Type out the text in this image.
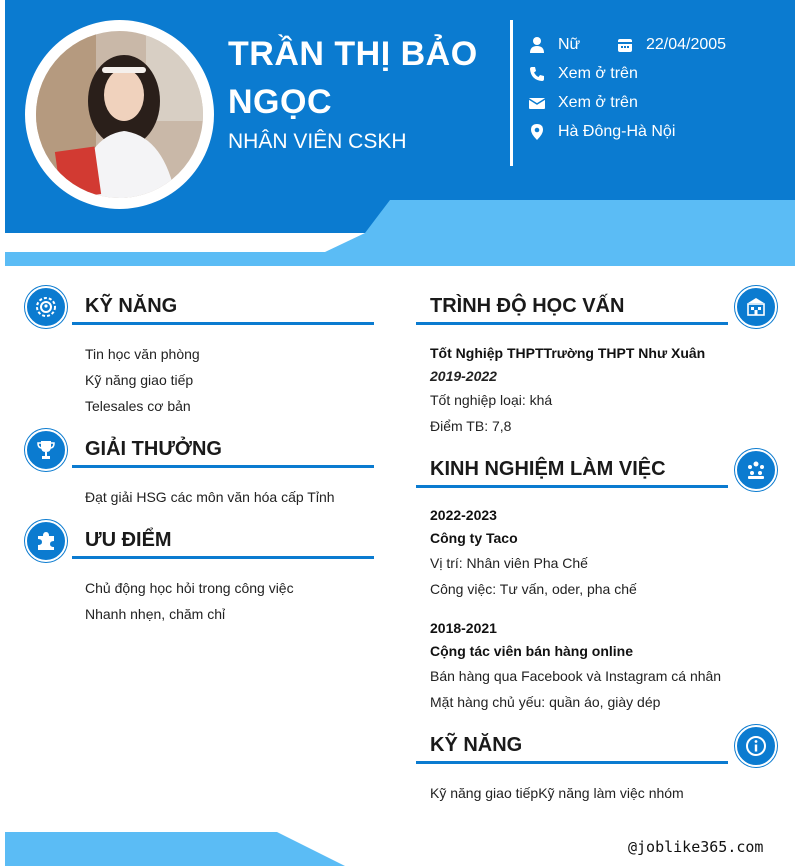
TRẦN THỊ BẢO NGỌC
NHÂN VIÊN CSKH
Nữ	22/04/2005
Xem ở trên
Xem ở trên
Hà Đông-Hà Nội
KỸ NĂNG
Tin học văn phòng
Kỹ năng giao tiếp
Telesales cơ bản
GIẢI THƯỞNG
Đạt giải HSG các môn văn hóa cấp Tỉnh
ƯU ĐIỂM
Chủ động học hỏi trong công việc
Nhanh nhẹn, chăm chỉ
TRÌNH ĐỘ HỌC VẤN
Tốt Nghiệp THPTTrường THPT Như Xuân
2019-2022
Tốt nghiệp loại: khá
Điểm TB: 7,8
KINH NGHIỆM LÀM VIỆC
2022-2023
Công ty Taco
Vị trí: Nhân viên Pha Chế
Công việc: Tư vấn, oder, pha chế
2018-2021
Cộng tác viên bán hàng online
Bán hàng qua Facebook và Instagram cá nhân
Mặt hàng chủ yếu: quần áo, giày dép
KỸ NĂNG
Kỹ năng giao tiếpKỹ năng làm việc nhóm
@joblike365.com
